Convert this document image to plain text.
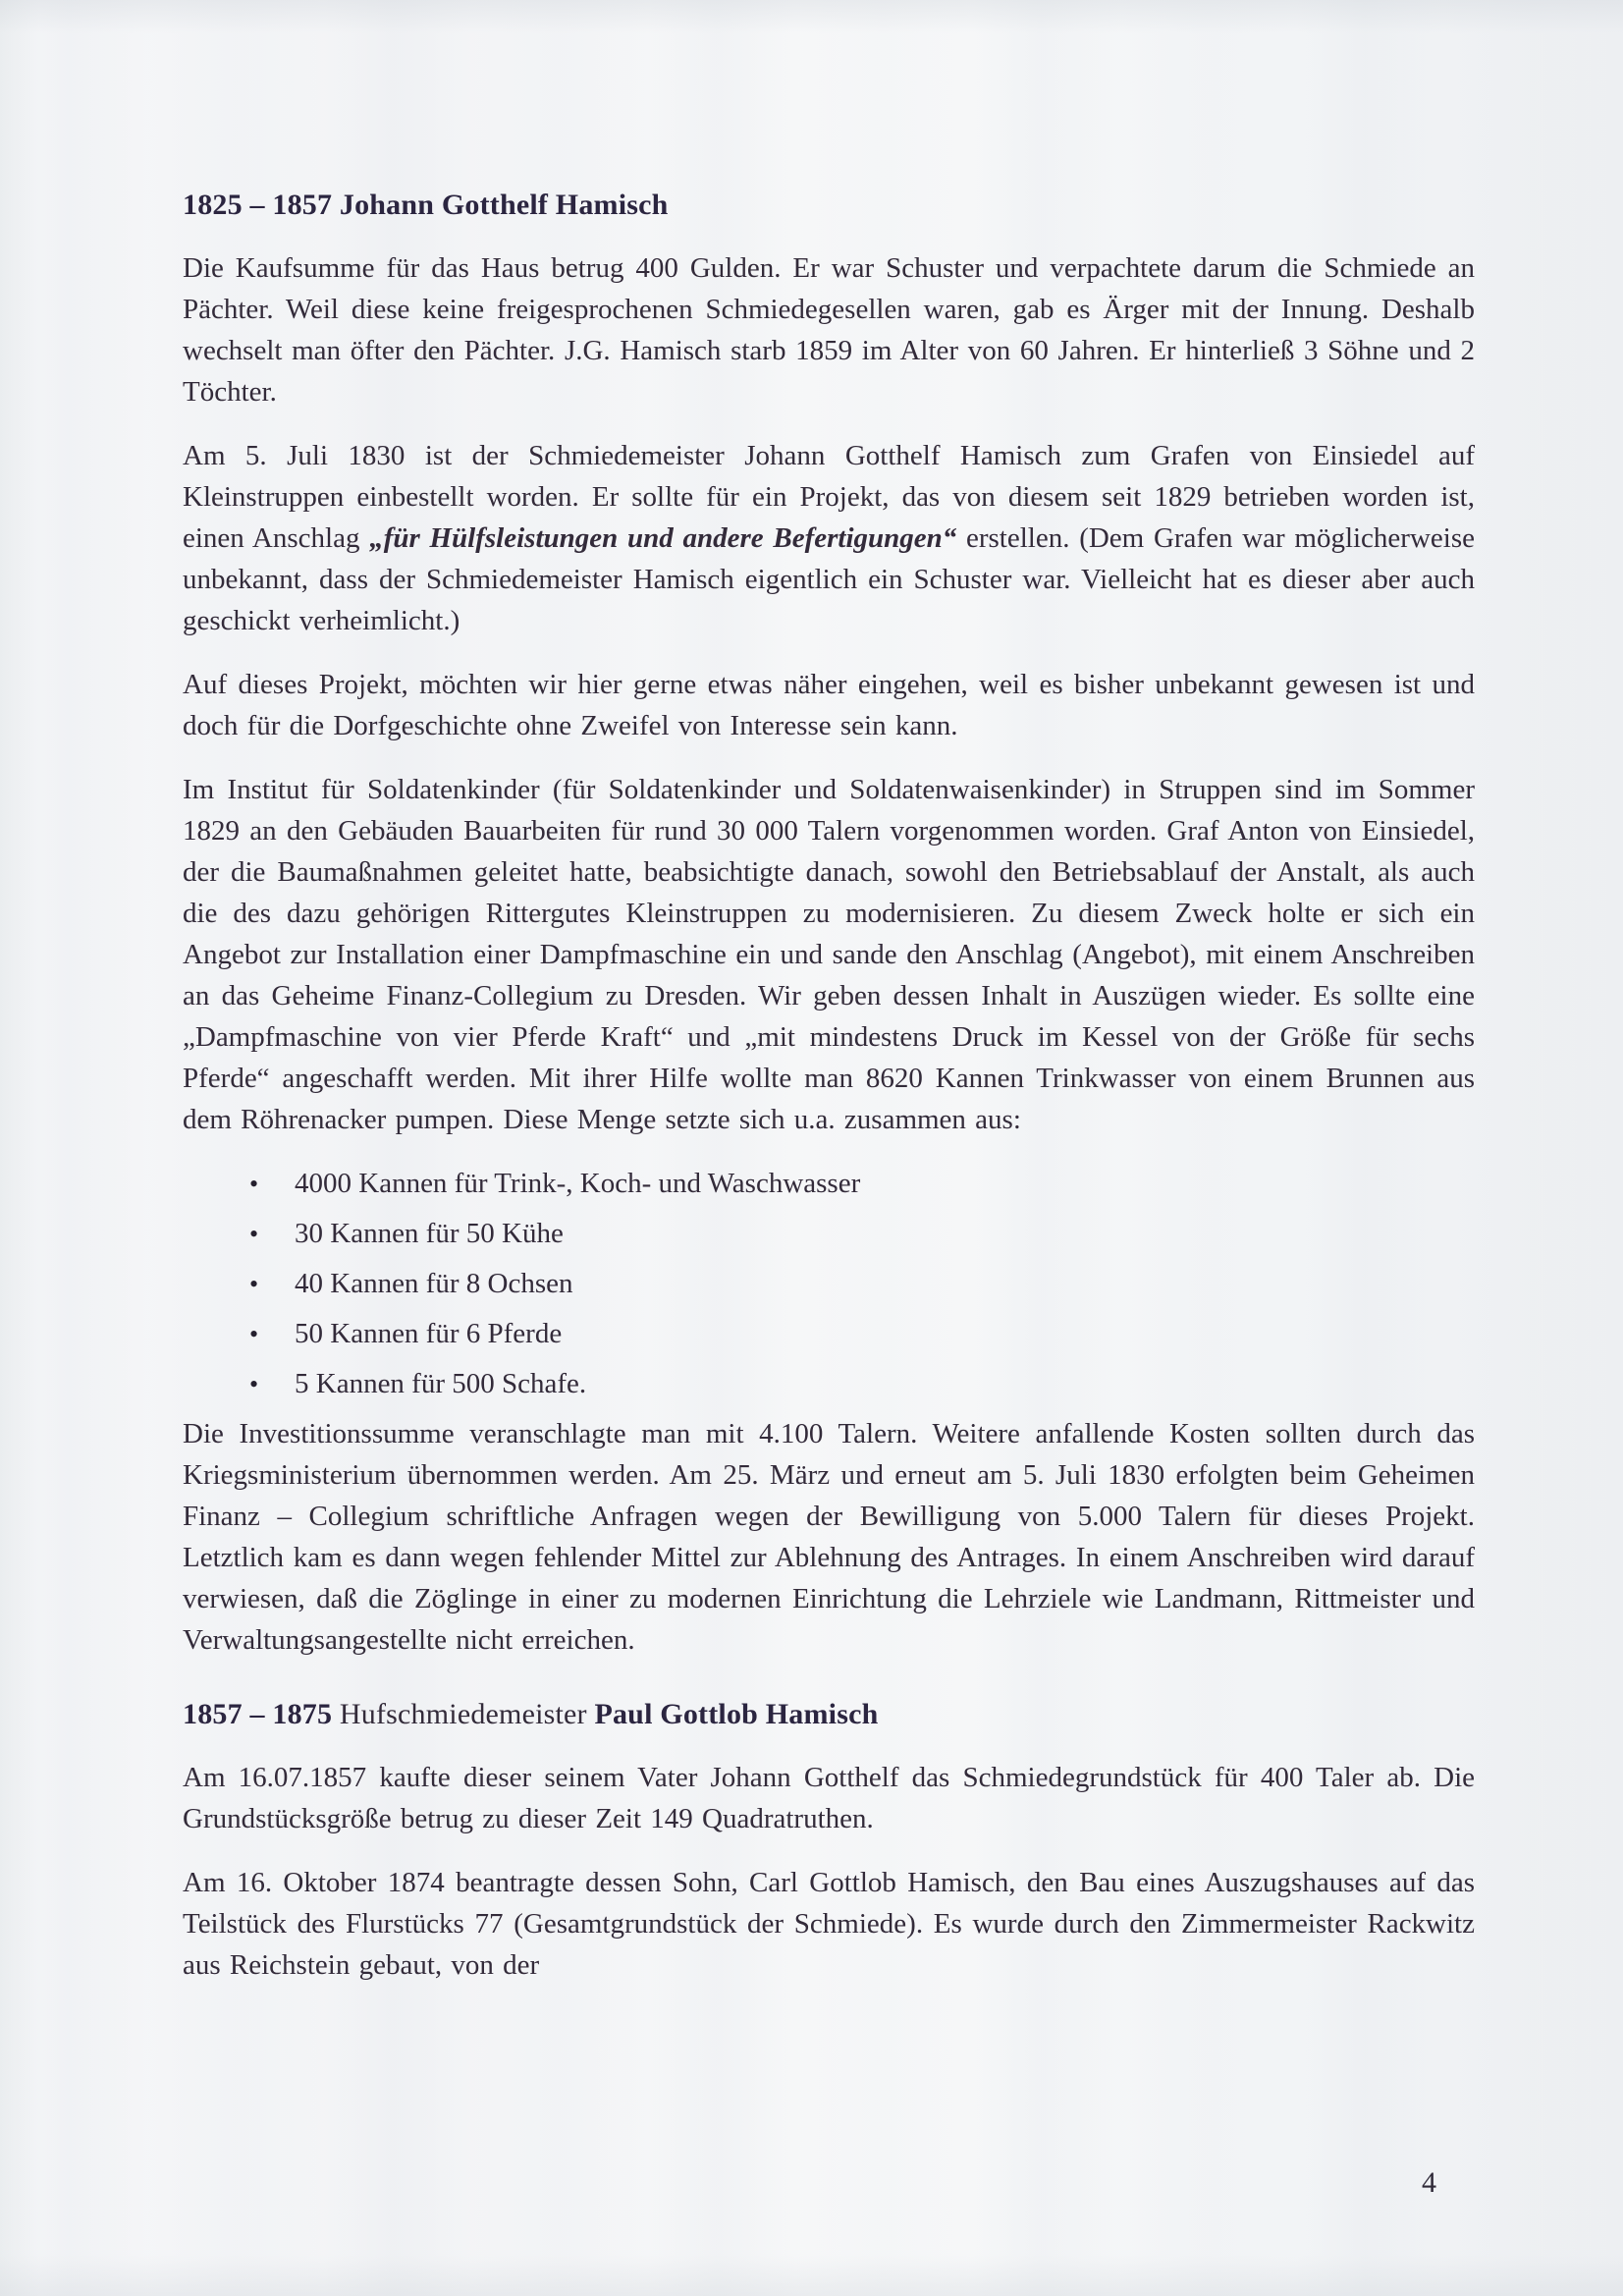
1825 – 1857 Johann Gotthelf Hamisch

Die Kaufsumme für das Haus betrug 400 Gulden. Er war Schuster und verpachtete darum die Schmiede an Pächter. Weil diese keine freigesprochenen Schmiedegesellen waren, gab es Ärger mit der Innung. Deshalb wechselt man öfter den Pächter. J.G. Hamisch starb 1859 im Alter von 60 Jahren. Er hinterließ 3 Söhne und 2 Töchter.

Am 5. Juli 1830 ist der Schmiedemeister Johann Gotthelf Hamisch zum Grafen von Einsiedel auf Kleinstruppen einbestellt worden. Er sollte für ein Projekt, das von diesem seit 1829 betrieben worden ist, einen Anschlag „für Hülfsleistungen und andere Befertigungen“ erstellen. (Dem Grafen war möglicherweise unbekannt, dass der Schmiedemeister Hamisch eigentlich ein Schuster war. Vielleicht hat es dieser aber auch geschickt verheimlicht.)

Auf dieses Projekt, möchten wir hier gerne etwas näher eingehen, weil es bisher unbekannt gewesen ist und doch für die Dorfgeschichte ohne Zweifel von Interesse sein kann.

Im Institut für Soldatenkinder (für Soldatenkinder und Soldatenwaisenkinder) in Struppen sind im Sommer 1829 an den Gebäuden Bauarbeiten für rund 30 000 Talern vorgenommen worden. Graf Anton von Einsiedel, der die Baumaßnahmen geleitet hatte, beabsichtigte danach, sowohl den Betriebsablauf der Anstalt, als auch die des dazu gehörigen Rittergutes Kleinstruppen zu modernisieren. Zu diesem Zweck holte er sich ein Angebot zur Installation einer Dampfmaschine ein und sande den Anschlag (Angebot), mit einem Anschreiben an das Geheime Finanz-Collegium zu Dresden. Wir geben dessen Inhalt in Auszügen wieder. Es sollte eine „Dampfmaschine von vier Pferde Kraft“ und „mit mindestens Druck im Kessel von der Größe für sechs Pferde“ angeschafft werden. Mit ihrer Hilfe wollte man 8620 Kannen Trinkwasser von einem Brunnen aus dem Röhrenacker pumpen. Diese Menge setzte sich u.a. zusammen aus:

•	4000 Kannen für Trink-, Koch- und Waschwasser
•	30 Kannen für 50 Kühe
•	40 Kannen für 8 Ochsen
•	50 Kannen für 6 Pferde
•	5 Kannen für 500 Schafe.

Die Investitionssumme veranschlagte man mit 4.100 Talern. Weitere anfallende Kosten sollten durch das Kriegsministerium übernommen werden. Am 25. März und erneut am 5. Juli 1830 erfolgten beim Geheimen Finanz – Collegium schriftliche Anfragen wegen der Bewilligung von 5.000 Talern für dieses Projekt. Letztlich kam es dann wegen fehlender Mittel zur Ablehnung des Antrages. In einem Anschreiben wird darauf verwiesen, daß die Zöglinge in einer zu modernen Einrichtung die Lehrziele wie Landmann, Rittmeister und Verwaltungsangestellte nicht erreichen.

1857 – 1875 Hufschmiedemeister Paul Gottlob Hamisch

Am 16.07.1857 kaufte dieser seinem Vater Johann Gotthelf das Schmiedegrundstück für 400 Taler ab. Die Grundstücksgröße betrug zu dieser Zeit 149 Quadratruthen.

Am 16. Oktober 1874 beantragte dessen Sohn, Carl Gottlob Hamisch, den Bau eines Auszugshauses auf das Teilstück des Flurstücks 77 (Gesamtgrundstück der Schmiede). Es wurde durch den Zimmermeister Rackwitz aus Reichstein gebaut, von der

4
